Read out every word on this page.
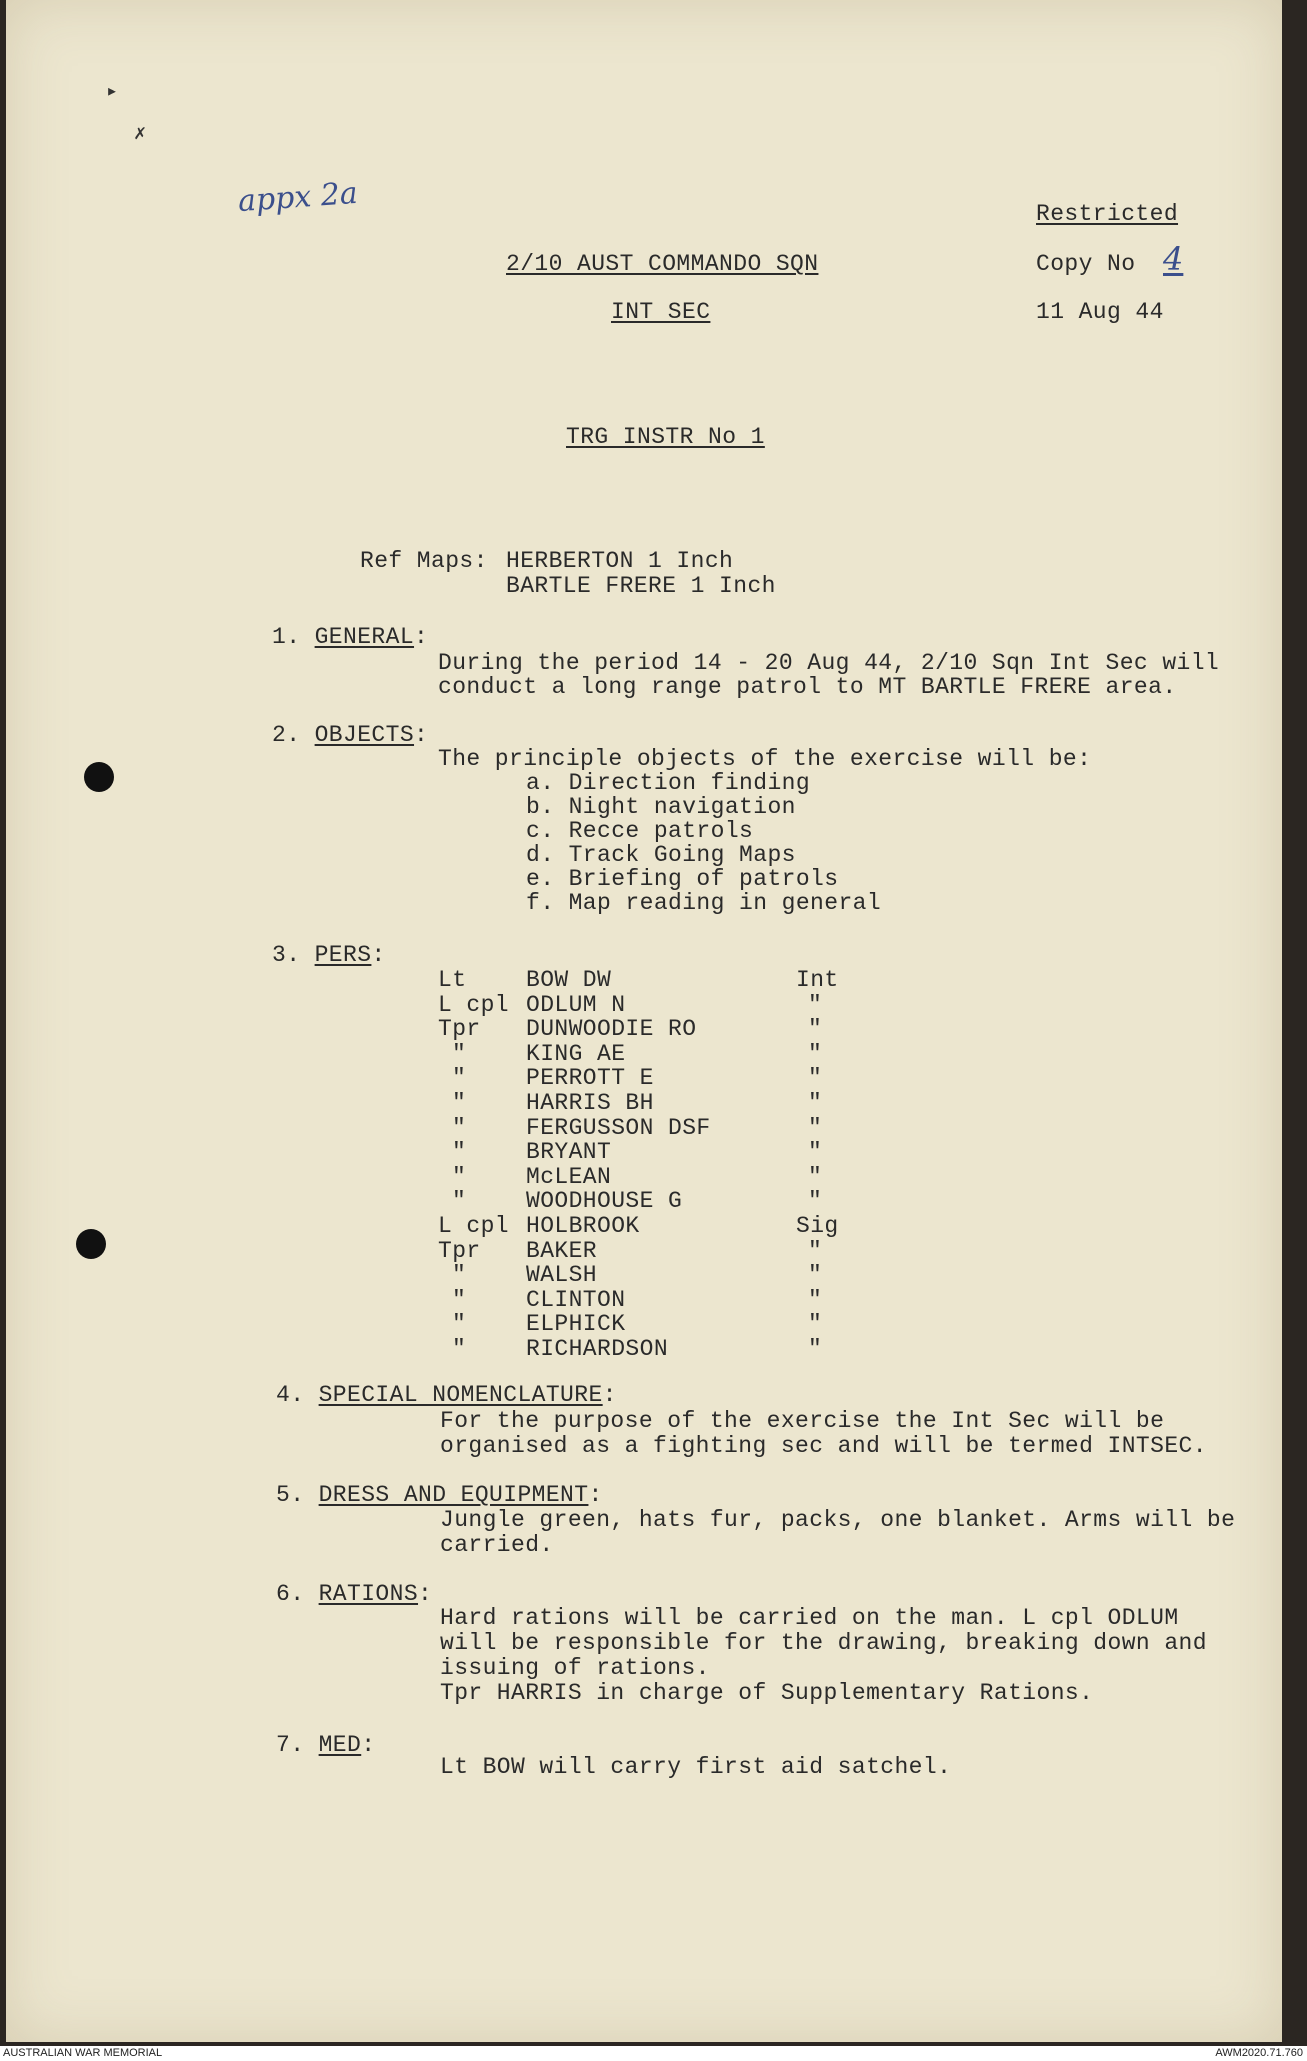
appx 2a
▸
✗
Restricted
Copy No 4
11 Aug 44
2/10 AUST COMMANDO SQN
INT SEC
TRG INSTR No 1
Ref Maps: HERBERTON 1 Inch
BARTLE FRERE 1 Inch
1. GENERAL:
During the period 14 - 20 Aug 44, 2/10 Sqn Int Sec will
conduct a long range patrol to MT BARTLE FRERE area.
2. OBJECTS:
The principle objects of the exercise will be:
a. Direction finding
b. Night navigation
c. Recce patrols
d. Track Going Maps
e. Briefing of patrols
f. Map reading in general
3. PERS:
Lt	BOW DW	Int
L cpl ODLUM N	"
Tpr DUNWOODIE RO	"
"	KING AE	"
"	PERROTT E	"
"	HARRIS BH	"
"	FERGUSSON DSF	"
"	BRYANT	"
"	McLEAN	"
"	WOODHOUSE G	"
L cpl HOLBROOK	Sig
Tpr BAKER	"
"	WALSH	"
"	CLINTON	"
"	ELPHICK	"
"	RICHARDSON	"
4. SPECIAL NOMENCLATURE:
For the purpose of the exercise the Int Sec will be
organised as a fighting sec and will be termed INTSEC.
5. DRESS AND EQUIPMENT:
Jungle green, hats fur, packs, one blanket. Arms will be
carried.
6. RATIONS:
Hard rations will be carried on the man. L cpl ODLUM
will be responsible for the drawing, breaking down and
issuing of rations.
Tpr HARRIS in charge of Supplementary Rations.
7. MED:
Lt BOW will carry first aid satchel.
AUSTRALIAN WAR MEMORIAL	AWM2020.71.760
